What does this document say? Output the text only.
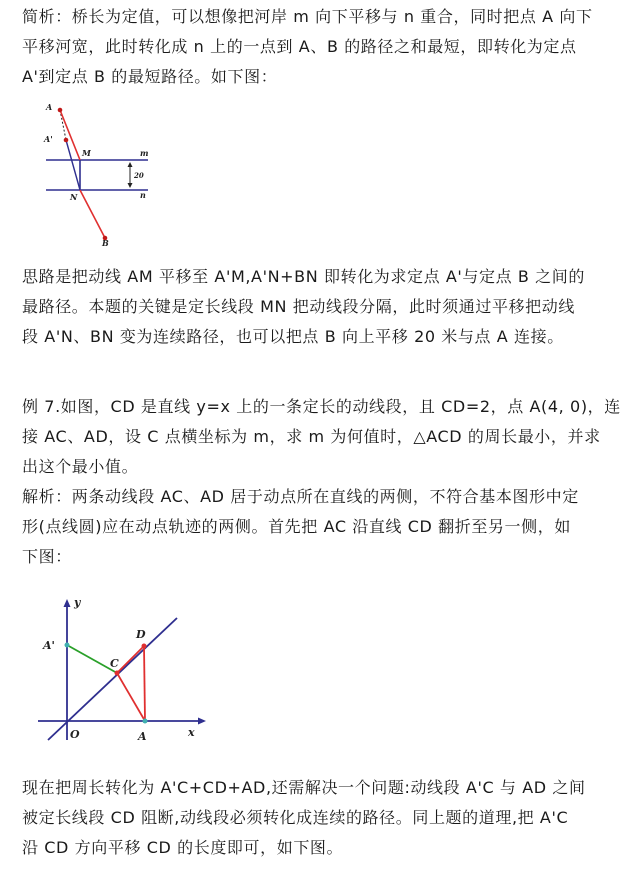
简析：桥长为定值，可以想像把河岸 m 向下平移与 n 重合，同时把点 A 向下
平移河宽，此时转化成 n 上的一点到 A、B 的路径之和最短，即转化为定点
A'到定点 B 的最短路径。如下图：
A
A'
M
N
B
m
n
20
思路是把动线 AM 平移至 A'M,A'N+BN 即转化为求定点 A'与定点 B 之间的
最路径。本题的关键是定长线段 MN 把动线段分隔，此时须通过平移把动线
段 A'N、BN 变为连续路径，也可以把点 B 向上平移 20 米与点 A 连接。
例 7.如图，CD 是直线 y=x 上的一条定长的动线段，且 CD=2，点 A(4, 0)，连
接 AC、AD，设 C 点横坐标为 m，求 m 为何值时，△ACD 的周长最小，并求
出这个最小值。
解析：两条动线段 AC、AD 居于动点所在直线的两侧，不符合基本图形中定
形(点线圆)应在动点轨迹的两侧。首先把 AC 沿直线 CD 翻折至另一侧，如
下图：
y
x
O	A
A'
C
D
现在把周长转化为 A'C+CD+AD,还需解决一个问题:动线段 A'C 与 AD 之间
被定长线段 CD 阻断,动线段必须转化成连续的路径。同上题的道理,把 A'C
沿 CD 方向平移 CD 的长度即可，如下图。
